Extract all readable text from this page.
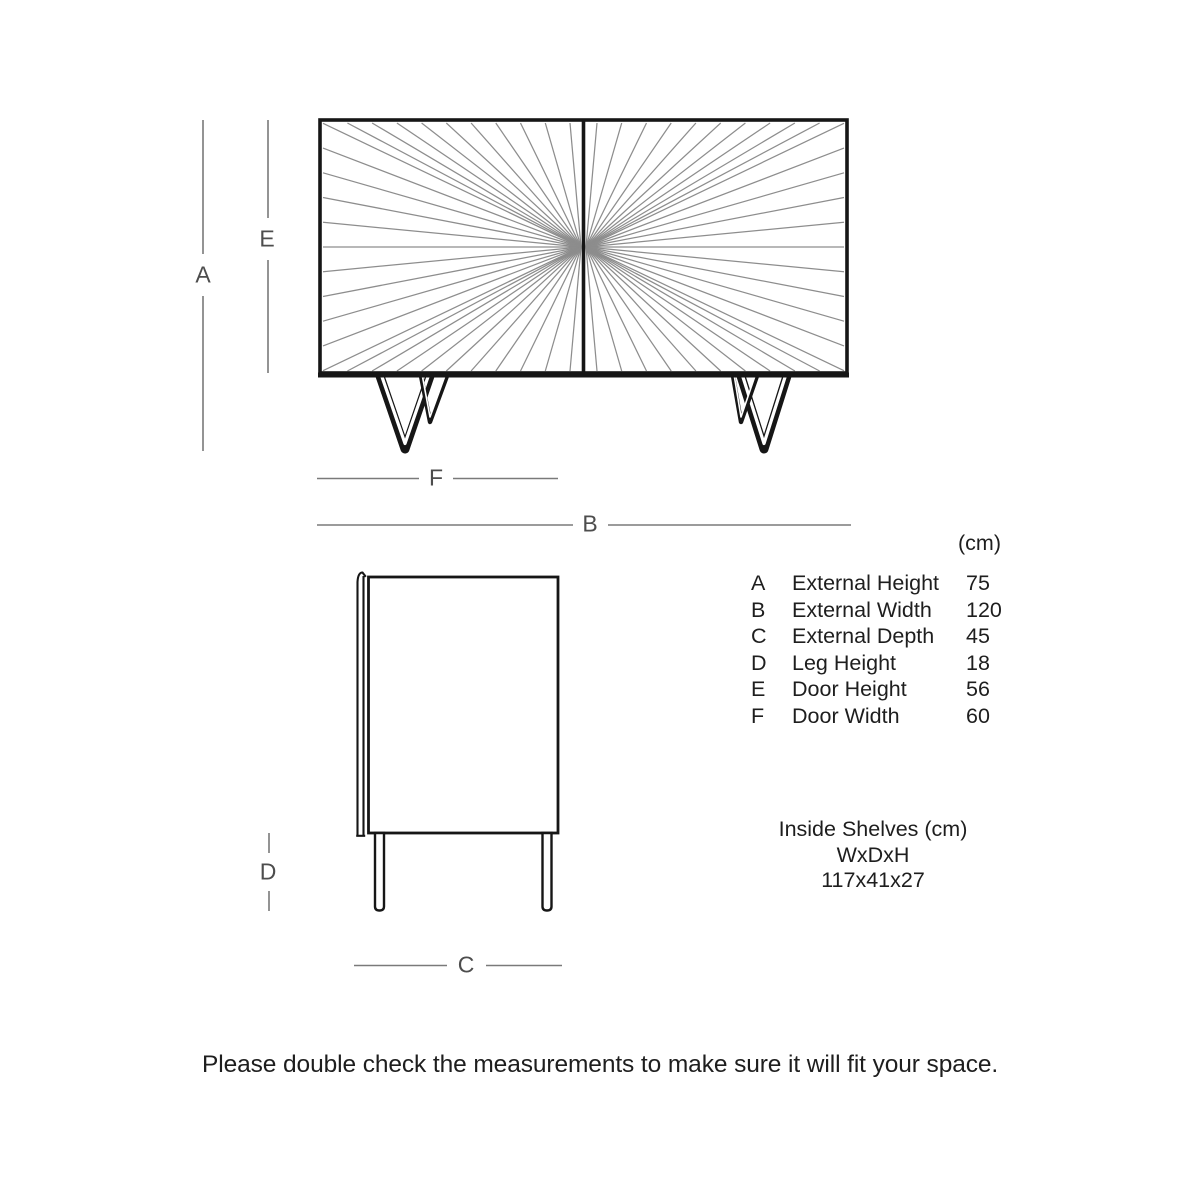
A
E
F
B
D
C
(cm)
A	External Height	75
B	External Width	120
C	External Depth	45
D	Leg Height	18
E	Door Height	56
F	Door Width	60
Inside Shelves (cm)
WxDxH
117x41x27
Please double check the measurements to make sure it will fit your space.
